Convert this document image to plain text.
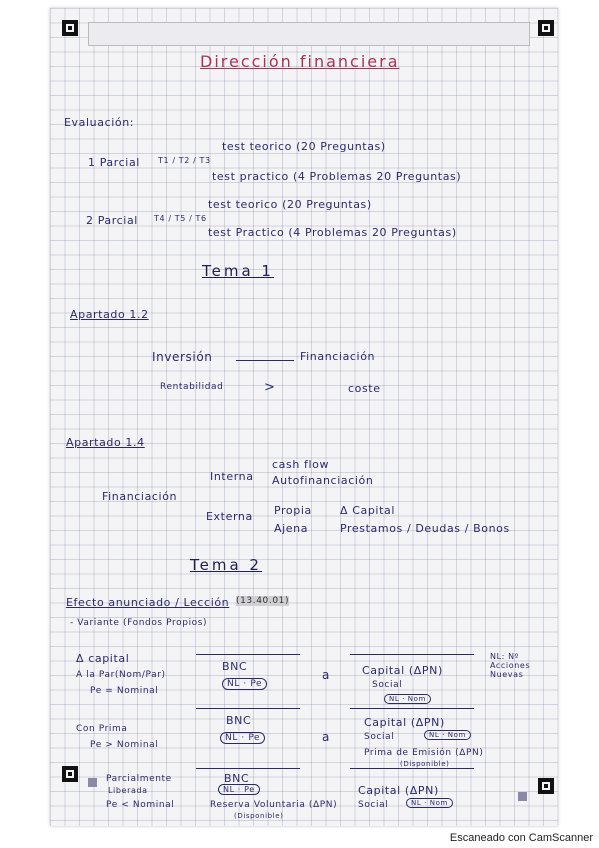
Dirección financiera
Evaluación:
1 Parcial T1 / T2 / T3
test teorico (20 Preguntas)
test practico (4 Problemas 20 Preguntas)
2 Parcial T4 / T5 / T6
test teorico (20 Preguntas)
test Practico (4 Problemas 20 Preguntas)
Tema 1
Apartado 1.2
Inversión	Financiación
Rentabilidad	>	coste
Apartado 1.4
Financiación
Interna
cash flow
Autofinanciación
Externa Propia	Δ Capital
Ajena	Prestamos / Deudas / Bonos
Tema 2
Efecto anunciado / Lección (13.40.01)
- Variante (Fondos Propios)
Δ capital	NL: Nº Acciones Nuevas
A la Par(Nom/Par)
Pe = Nominal
BNC
NL · Pe
a	Capital (ΔPN)
Social
NL · Nom
Con Prima
Pe > Nominal
BNC
NL · Pe	a
Capital (ΔPN)
Social	NL · Nom
Prima de Emisión (ΔPN)
(Disponible)
Parcialmente
Liberada
Pe < Nominal
BNC
NL · Pe
Reserva Voluntaria (ΔPN)
(Disponible)
Capital (ΔPN)
Social	NL · Nom
Escaneado con CamScanner
